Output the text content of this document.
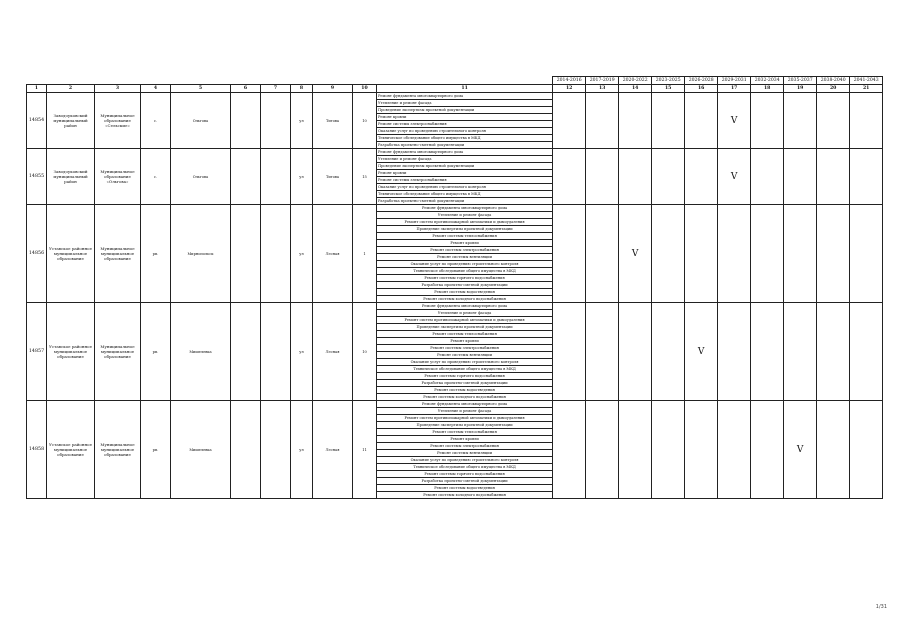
											2014-2016	2017-2019	2020-2022	2023-2025	2026-2028	2029-2031	2032-2034	2035-2037	2038-2040	2041-2043
1	2	3	4	5	6	7	8	9	10	11	12	13	14	15	16	17	18	19	20	21
14854	Заводоуковский муниципальный район	Муниципальное образование «Сельские»	с.	Ольгова			ул	Титова	10	Ремонт фундамента многоквартирного дома						V				
										Утепление и ремонт фасада										
										Проведение экспертизы проектной документации										
										Ремонт кровли										
										Ремонт системы электроснабжения										
										Оказание услуг по проведению строительного контроля										
										Техническое обследование общего имущества в МКД										
										Разработка проектно-сметной документации										
14855	Заводоуковский муниципальный район	Муниципальное образование «Ольгова»	с.	Ольгова			ул	Титова	15	Ремонт фундамента многоквартирного дома						V				
										Утепление и ремонт фасада										
										Проведение экспертизы проектной документации										
										Ремонт кровли										
										Ремонт системы электроснабжения										
										Оказание услуг по проведению строительного контроля										
										Техническое обследование общего имущества в МКД										
										Разработка проектно-сметной документации										
14856	Уставское районное муниципальное образование	Муниципальное муниципальное образование	рп.	Мирнопольск			ул	Лесная	1	Ремонт фундамента многоквартирного дома			V							
										Утепление и ремонт фасада										
										Ремонт систем противопожарной автоматики и дымоудаления										
										Проведение экспертизы проектной документации										
										Ремонт системы теплоснабжения										
										Ремонт кровли										
										Ремонт системы электроснабжения										
										Ремонт системы вентиляции										
										Оказание услуг по проведению строительного контроля										
										Техническое обследование общего имущества в МКД										
										Ремонт системы горячего водоснабжения										
										Разработка проектно-сметной документации										
										Ремонт системы водоотведения										
										Ремонт системы холодного водоснабжения										
14857	Уставское районное муниципальное образование	Муниципальное муниципальное образование	рп.	Мишелевка			ул	Лесная	10	Ремонт фундамента многоквартирного дома					V					
										Утепление и ремонт фасада										
										Ремонт систем противопожарной автоматики и дымоудаления										
										Проведение экспертизы проектной документации										
										Ремонт системы теплоснабжения										
										Ремонт кровли										
										Ремонт системы электроснабжения										
										Ремонт системы вентиляции										
										Оказание услуг по проведению строительного контроля										
										Техническое обследование общего имущества в МКД										
										Ремонт системы горячего водоснабжения										
										Разработка проектно-сметной документации										
										Ремонт системы водоотведения										
										Ремонт системы холодного водоснабжения										
14858	Уставское районное муниципальное образование	Муниципальное муниципальное образование	рп.	Мишелевка			ул	Лесная	11	Ремонт фундамента многоквартирного дома								V		
										Утепление и ремонт фасада										
										Ремонт систем противопожарной автоматики и дымоудаления										
										Проведение экспертизы проектной документации										
										Ремонт системы теплоснабжения										
										Ремонт кровли										
										Ремонт системы электроснабжения										
										Ремонт системы вентиляции										
										Оказание услуг по проведению строительного контроля										
										Техническое обследование общего имущества в МКД										
										Ремонт системы горячего водоснабжения										
										Разработка проектно-сметной документации										
										Ремонт системы водоотведения										
										Ремонт системы холодного водоснабжения										
1/31
